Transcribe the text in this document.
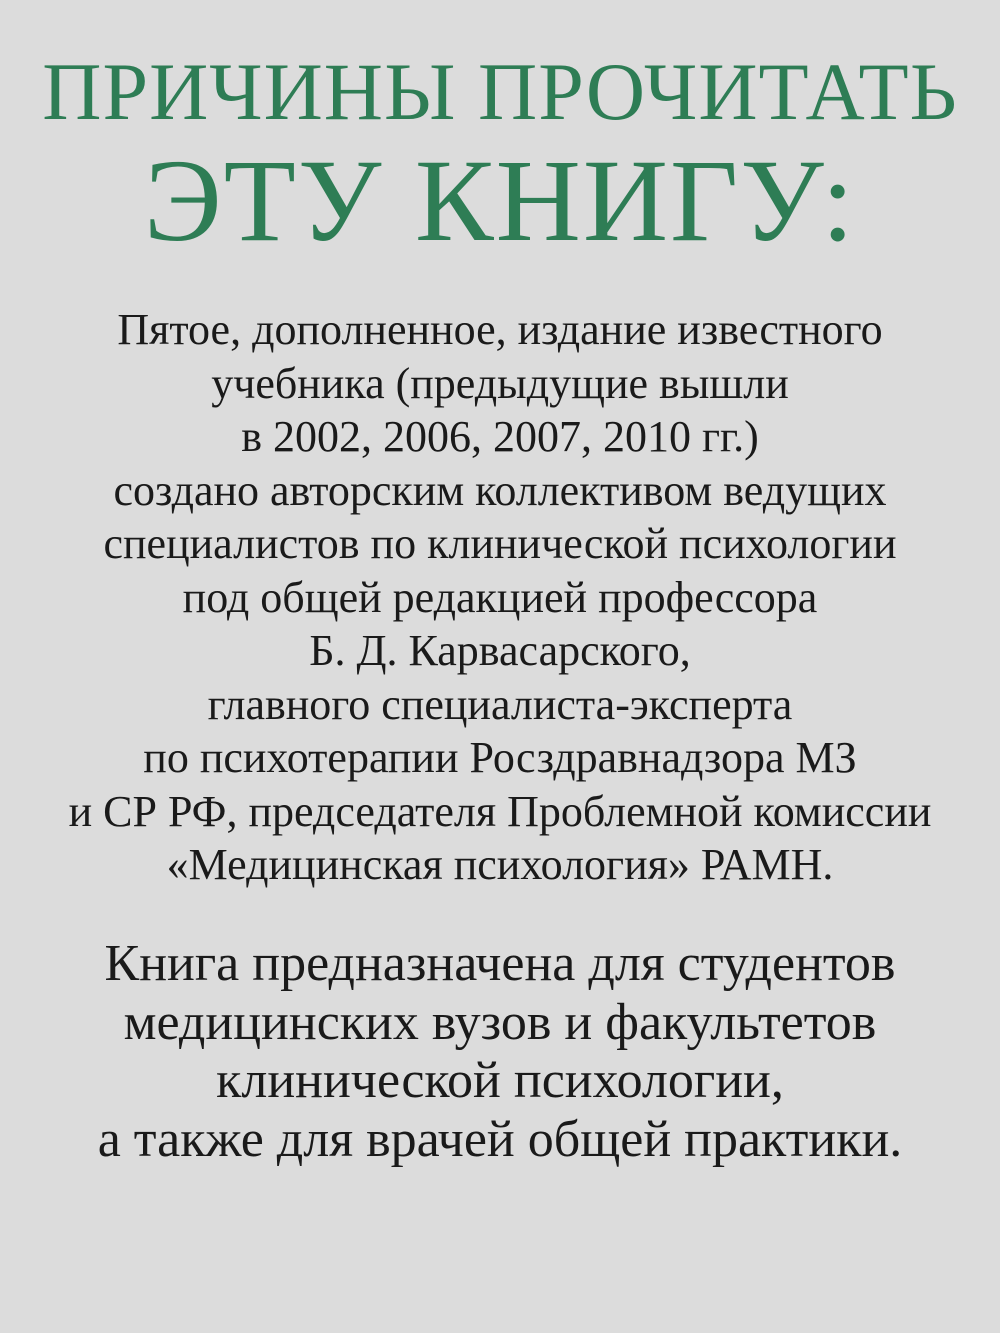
ПРИЧИНЫ ПРОЧИТАТЬ
ЭТУ КНИГУ:
Пятое, дополненное, издание известного
учебника (предыдущие вышли
в 2002, 2006, 2007, 2010 гг.)
создано авторским коллективом ведущих
специалистов по клинической психологии
под общей редакцией профессора
Б. Д. Карвасарского,
главного специалиста-эксперта
по психотерапии Росздравнадзора МЗ
и СР РФ, председателя Проблемной комиссии
«Медицинская психология» РАМН.
Книга предназначена для студентов
медицинских вузов и факультетов
клинической психологии,
а также для врачей общей практики.
